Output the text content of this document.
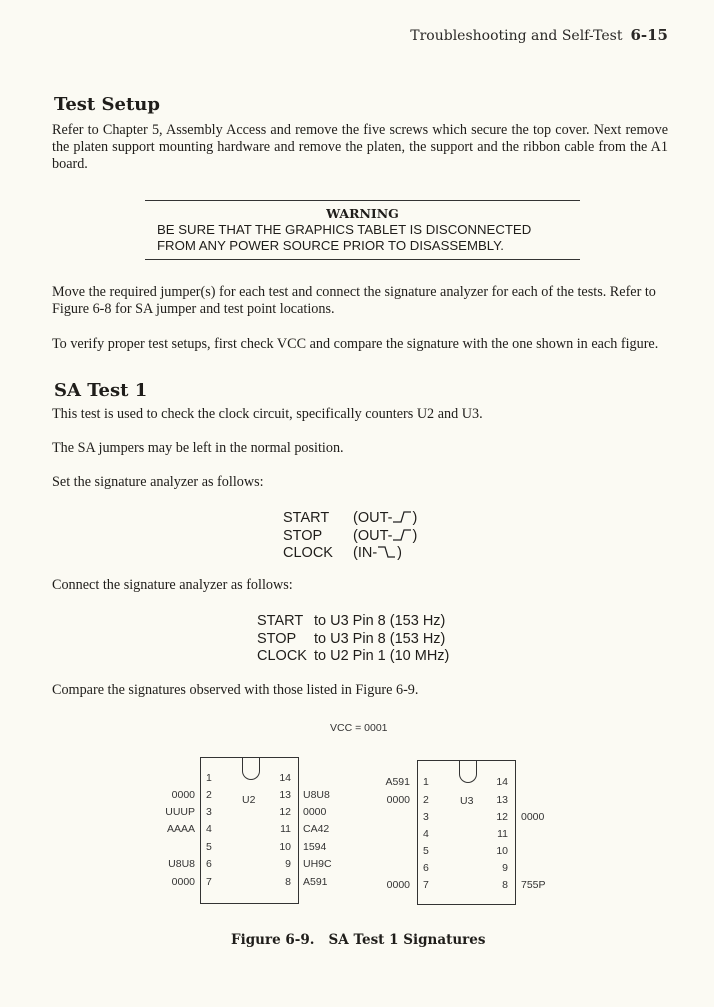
Troubleshooting and Self-Test 6-15
Test Setup
Refer to Chapter 5, Assembly Access and remove the five screws which secure the top cover. Next remove the platen support mounting hardware and remove the platen, the support and the ribbon cable from the A1 board.
WARNING
BE SURE THAT THE GRAPHICS TABLET IS DISCONNECTED
FROM ANY POWER SOURCE PRIOR TO DISASSEMBLY.
Move the required jumper(s) for each test and connect the signature analyzer for each of the tests. Refer to Figure 6-8 for SA jumper and test point locations.
To verify proper test setups, first check VCC and compare the signature with the one shown in each figure.
SA Test 1
This test is used to check the clock circuit, specifically counters U2 and U3.
The SA jumpers may be left in the normal position.
Set the signature analyzer as follows:
START	(OUT- )
STOP	(OUT- )
CLOCK	(IN- )
Connect the signature analyzer as follows:
START to U3 Pin 8 (153 Hz)
STOP	to U3 Pin 8 (153 Hz)
CLOCK to U2 Pin 1 (10 MHz)
Compare the signatures observed with those listed in Figure 6-9.
VCC = 0001
U2
1
2
0000
3
UUUP
4
AAAA
5
6
U8U8
7
0000
14
13 U8U8
12 0000
11 CA42
10 1594
9 UH9C
8 A591
U3
1
A591
2
0000
3
4
5
6
7
0000
14
13
12 0000
11
10
9
8 755P
Figure 6-9.   SA Test 1 Signatures
